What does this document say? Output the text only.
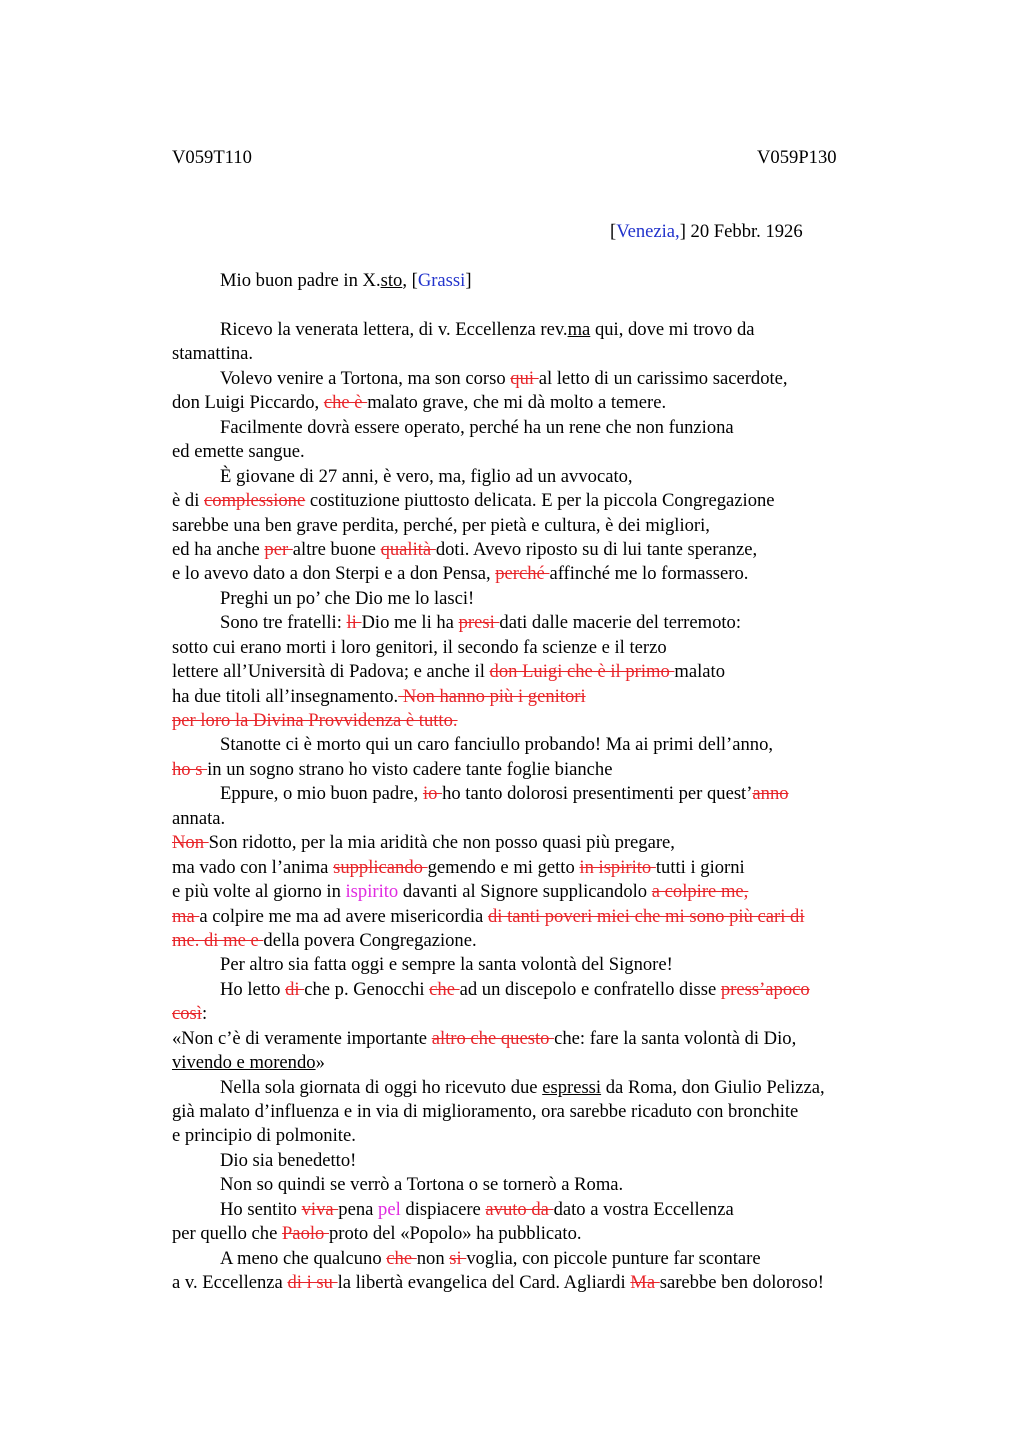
V059T110	V059P130
[Venezia,] 20 Febbr. 1926
Mio buon padre in X.sto, [Grassi]
Ricevo la venerata lettera, di v. Eccellenza rev.ma qui, dove mi trovo da
stamattina.
Volevo venire a Tortona, ma son corso qui al letto di un carissimo sacerdote,
don Luigi Piccardo, che è malato grave, che mi dà molto a temere.
Facilmente dovrà essere operato, perché ha un rene che non funziona
ed emette sangue.
È giovane di 27 anni, è vero, ma, figlio ad un avvocato,
è di complessione costituzione piuttosto delicata. E per la piccola Congregazione
sarebbe una ben grave perdita, perché, per pietà e cultura, è dei migliori,
ed ha anche per altre buone qualità doti. Avevo riposto su di lui tante speranze,
e lo avevo dato a don Sterpi e a don Pensa, perché affinché me lo formassero.
Preghi un po’ che Dio me lo lasci!
Sono tre fratelli: li Dio me li ha presi dati dalle macerie del terremoto:
sotto cui erano morti i loro genitori, il secondo fa scienze e il terzo
lettere all’Università di Padova; e anche il don Luigi che è il primo malato
ha due titoli all’insegnamento. Non hanno più i genitori
per loro la Divina Provvidenza è tutto.
Stanotte ci è morto qui un caro fanciullo probando! Ma ai primi dell’anno,
ho s in un sogno strano ho visto cadere tante foglie bianche
Eppure, o mio buon padre, io ho tanto dolorosi presentimenti per quest’anno
annata.
Non Son ridotto, per la mia aridità che non posso quasi più pregare,
ma vado con l’anima supplicando gemendo e mi getto in ispirito tutti i giorni
e più volte al giorno in ispirito davanti al Signore supplicandolo a colpire me,
ma a colpire me ma ad avere misericordia di tanti poveri miei che mi sono più cari di
me. di me e della povera Congregazione.
Per altro sia fatta oggi e sempre la santa volontà del Signore!
Ho letto di che p. Genocchi che ad un discepolo e confratello disse press’apoco
così:
«Non c’è di veramente importante altro che questo che: fare la santa volontà di Dio,
vivendo e morendo»
Nella sola giornata di oggi ho ricevuto due espressi da Roma, don Giulio Pelizza,
già malato d’influenza e in via di miglioramento, ora sarebbe ricaduto con bronchite
e principio di polmonite.
Dio sia benedetto!
Non so quindi se verrò a Tortona o se tornerò a Roma.
Ho sentito viva pena pel dispiacere avuto da dato a vostra Eccellenza
per quello che Paolo proto del «Popolo» ha pubblicato.
A meno che qualcuno che non si voglia, con piccole punture far scontare
a v. Eccellenza di i su la libertà evangelica del Card. Agliardi Ma sarebbe ben doloroso!
